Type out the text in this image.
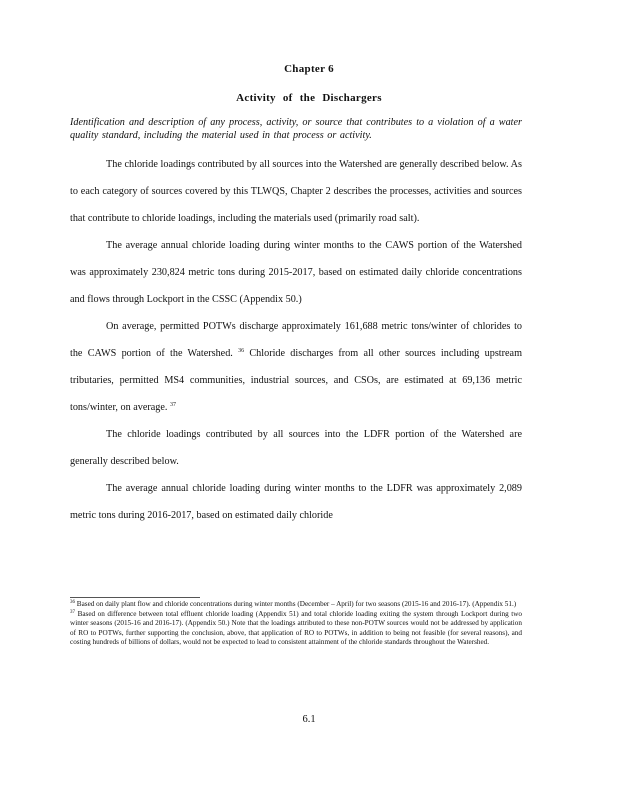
Chapter 6
Activity of the Dischargers
Identification and description of any process, activity, or source that contributes to a violation of a water quality standard, including the material used in that process or activity.

The chloride loadings contributed by all sources into the Watershed are generally described below. As to each category of sources covered by this TLWQS, Chapter 2 describes the processes, activities and sources that contribute to chloride loadings, including the materials used (primarily road salt).

The average annual chloride loading during winter months to the CAWS portion of the Watershed was approximately 230,824 metric tons during 2015-2017, based on estimated daily chloride concentrations and flows through Lockport in the CSSC (Appendix 50.)

On average, permitted POTWs discharge approximately 161,688 metric tons/winter of chlorides to the CAWS portion of the Watershed. $^{36}$ Chloride discharges from all other sources including upstream tributaries, permitted MS4 communities, industrial sources, and CSOs, are estimated at 69,136 metric tons/winter, on average. $^{37}$

The chloride loadings contributed by all sources into the LDFR portion of the Watershed are generally described below.

The average annual chloride loading during winter months to the LDFR was approximately 2,089 metric tons during 2016-2017, based on estimated daily chloride

$^{36}$ Based on daily plant flow and chloride concentrations during winter months (December – April) for two seasons (2015-16 and 2016-17). (Appendix 51.)

$^{37}$ Based on difference between total effluent chloride loading (Appendix 51) and total chloride loading exiting the system through Lockport during two winter seasons (2015-16 and 2016-17). (Appendix 50.) Note that the loadings attributed to these non-POTW sources would not be addressed by application of RO to POTWs, further supporting the conclusion, above, that application of RO to POTWs, in addition to being not feasible (for several reasons), and costing hundreds of billions of dollars, would not be expected to lead to consistent attainment of the chloride standards throughout the Watershed.

6.1
